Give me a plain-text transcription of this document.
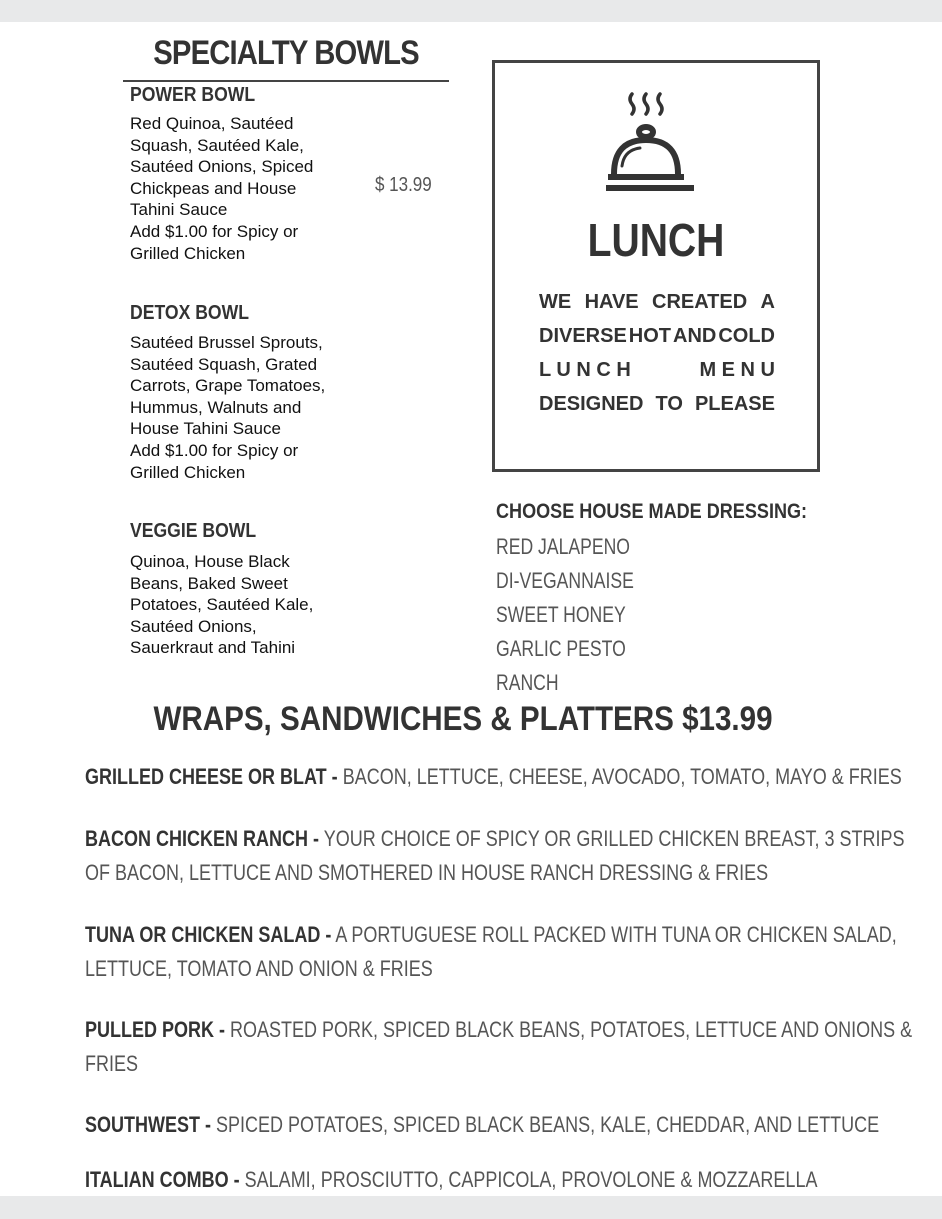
SPECIALTY BOWLS
POWER BOWL

Red Quinoa, Sautéed
Squash, Sautéed Kale,
Sautéed Onions, Spiced
Chickpeas and House
Tahini Sauce
Add $1.00 for Spicy or
Grilled Chicken

$ 13.99
DETOX BOWL

Sautéed Brussel Sprouts,
Sautéed Squash, Grated
Carrots, Grape Tomatoes,
Hummus, Walnuts and
House Tahini Sauce
Add $1.00 for Spicy or
Grilled Chicken

VEGGIE BOWL

Quinoa, House Black
Beans, Baked Sweet
Potatoes, Sautéed Kale,
Sautéed Onions,
Sauerkraut and Tahini

LUNCH
WE HAVE CREATED A
DIVERSE HOT AND COLD
L U N C H	M E N U
DESIGNED TO PLEASE
CHOOSE HOUSE MADE DRESSING:
RED JALAPENO
DI-VEGANNAISE
SWEET HONEY
GARLIC PESTO
RANCH
WRAPS, SANDWICHES & PLATTERS $13.99
GRILLED CHEESE OR BLAT - BACON, LETTUCE, CHEESE, AVOCADO, TOMATO, MAYO & FRIES
BACON CHICKEN RANCH - YOUR CHOICE OF SPICY OR GRILLED CHICKEN BREAST, 3 STRIPS
OF BACON, LETTUCE AND SMOTHERED IN HOUSE RANCH DRESSING & FRIES
TUNA OR CHICKEN SALAD - A PORTUGUESE ROLL PACKED WITH TUNA OR CHICKEN SALAD,
LETTUCE, TOMATO AND ONION & FRIES
PULLED PORK - ROASTED PORK, SPICED BLACK BEANS, POTATOES, LETTUCE AND ONIONS &
FRIES
SOUTHWEST - SPICED POTATOES, SPICED BLACK BEANS, KALE, CHEDDAR, AND LETTUCE
ITALIAN COMBO - SALAMI, PROSCIUTTO, CAPPICOLA, PROVOLONE & MOZZARELLA
